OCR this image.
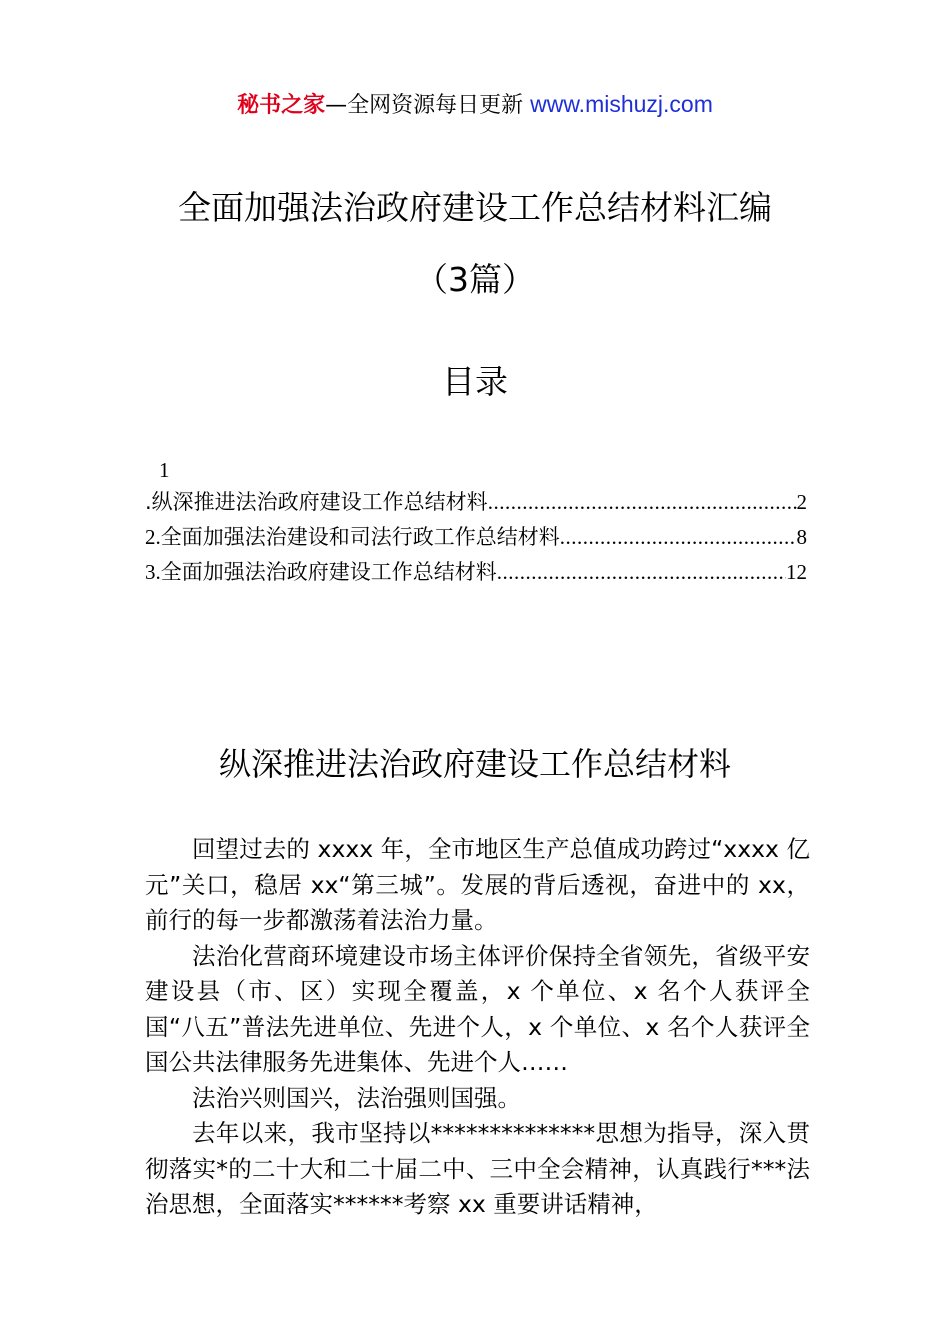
秘书之家—全网资源每日更新 www.mishuzj.com
全面加强法治政府建设工作总结材料汇编
（3篇）
目录
1
.纵深推进法治政府建设工作总结材料 .....	2
2. 全面加强法治建设和司法行政工作总结材料 .....	8
3. 全面加强法治政府建设工作总结材料 .....	12
纵深推进法治政府建设工作总结材料

回望过去的 xxxx 年，全市地区生产总值成功跨过“xxxx 亿元”关口，稳居 xx“第三城”。发展的背后透视，奋进中的 xx，前行的每一步都激荡着法治力量。

法治化营商环境建设市场主体评价保持全省领先，省级平安建设县（市、区）实现全覆盖，x 个单位、x 名个人获评全国“八五”普法先进单位、先进个人，x 个单位、x 名个人获评全国公共法律服务先进集体、先进个人……

法治兴则国兴，法治强则国强。

去年以来，我市坚持以**************思想为指导，深入贯彻落实*的二十大和二十届二中、三中全会精神，认真践行***法治思想，全面落实******考察 xx 重要讲话精神，
